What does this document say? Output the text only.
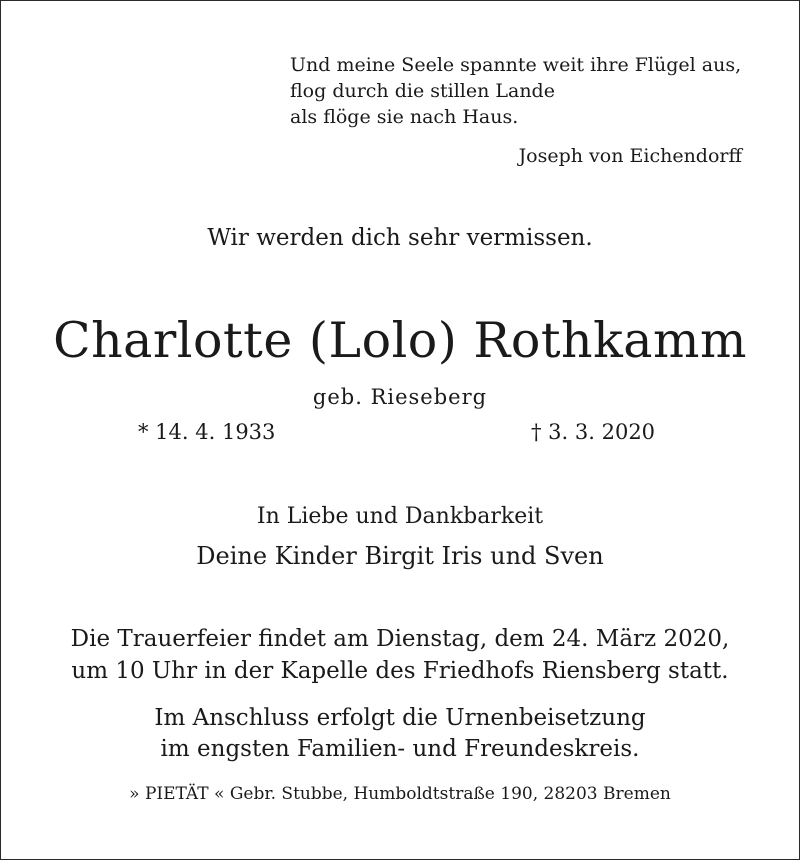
Und meine Seele spannte weit ihre Flügel aus,
flog durch die stillen Lande
als flöge sie nach Haus.
Joseph von Eichendorff
Wir werden dich sehr vermissen.
Charlotte (Lolo) Rothkamm
geb. Rieseberg
* 14. 4. 1933	† 3. 3. 2020
In Liebe und Dankbarkeit
Deine Kinder Birgit Iris und Sven
Die Trauerfeier findet am Dienstag, dem 24. März 2020,
um 10 Uhr in der Kapelle des Friedhofs Riensberg statt.
Im Anschluss erfolgt die Urnenbeisetzung
im engsten Familien- und Freundeskreis.
» PIETÄT « Gebr. Stubbe, Humboldtstraße 190, 28203 Bremen
